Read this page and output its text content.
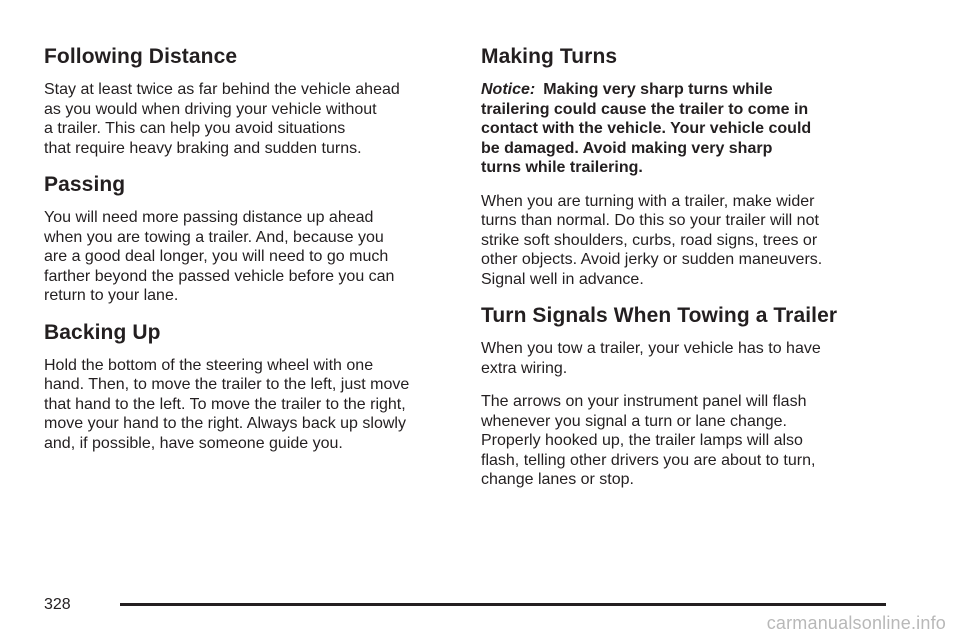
Following Distance

Stay at least twice as far behind the vehicle ahead
as you would when driving your vehicle without
a trailer. This can help you avoid situations
that require heavy braking and sudden turns.

Passing

You will need more passing distance up ahead
when you are towing a trailer. And, because you
are a good deal longer, you will need to go much
farther beyond the passed vehicle before you can
return to your lane.

Backing Up

Hold the bottom of the steering wheel with one
hand. Then, to move the trailer to the left, just move
that hand to the left. To move the trailer to the right,
move your hand to the right. Always back up slowly
and, if possible, have someone guide you.

Making Turns

Notice: Making very sharp turns while
trailering could cause the trailer to come in
contact with the vehicle. Your vehicle could
be damaged. Avoid making very sharp
turns while trailering.

When you are turning with a trailer, make wider
turns than normal. Do this so your trailer will not
strike soft shoulders, curbs, road signs, trees or
other objects. Avoid jerky or sudden maneuvers.
Signal well in advance.

Turn Signals When Towing a Trailer

When you tow a trailer, your vehicle has to have
extra wiring.

The arrows on your instrument panel will flash
whenever you signal a turn or lane change.
Properly hooked up, the trailer lamps will also
flash, telling other drivers you are about to turn,
change lanes or stop.

328
carmanualsonline.info
